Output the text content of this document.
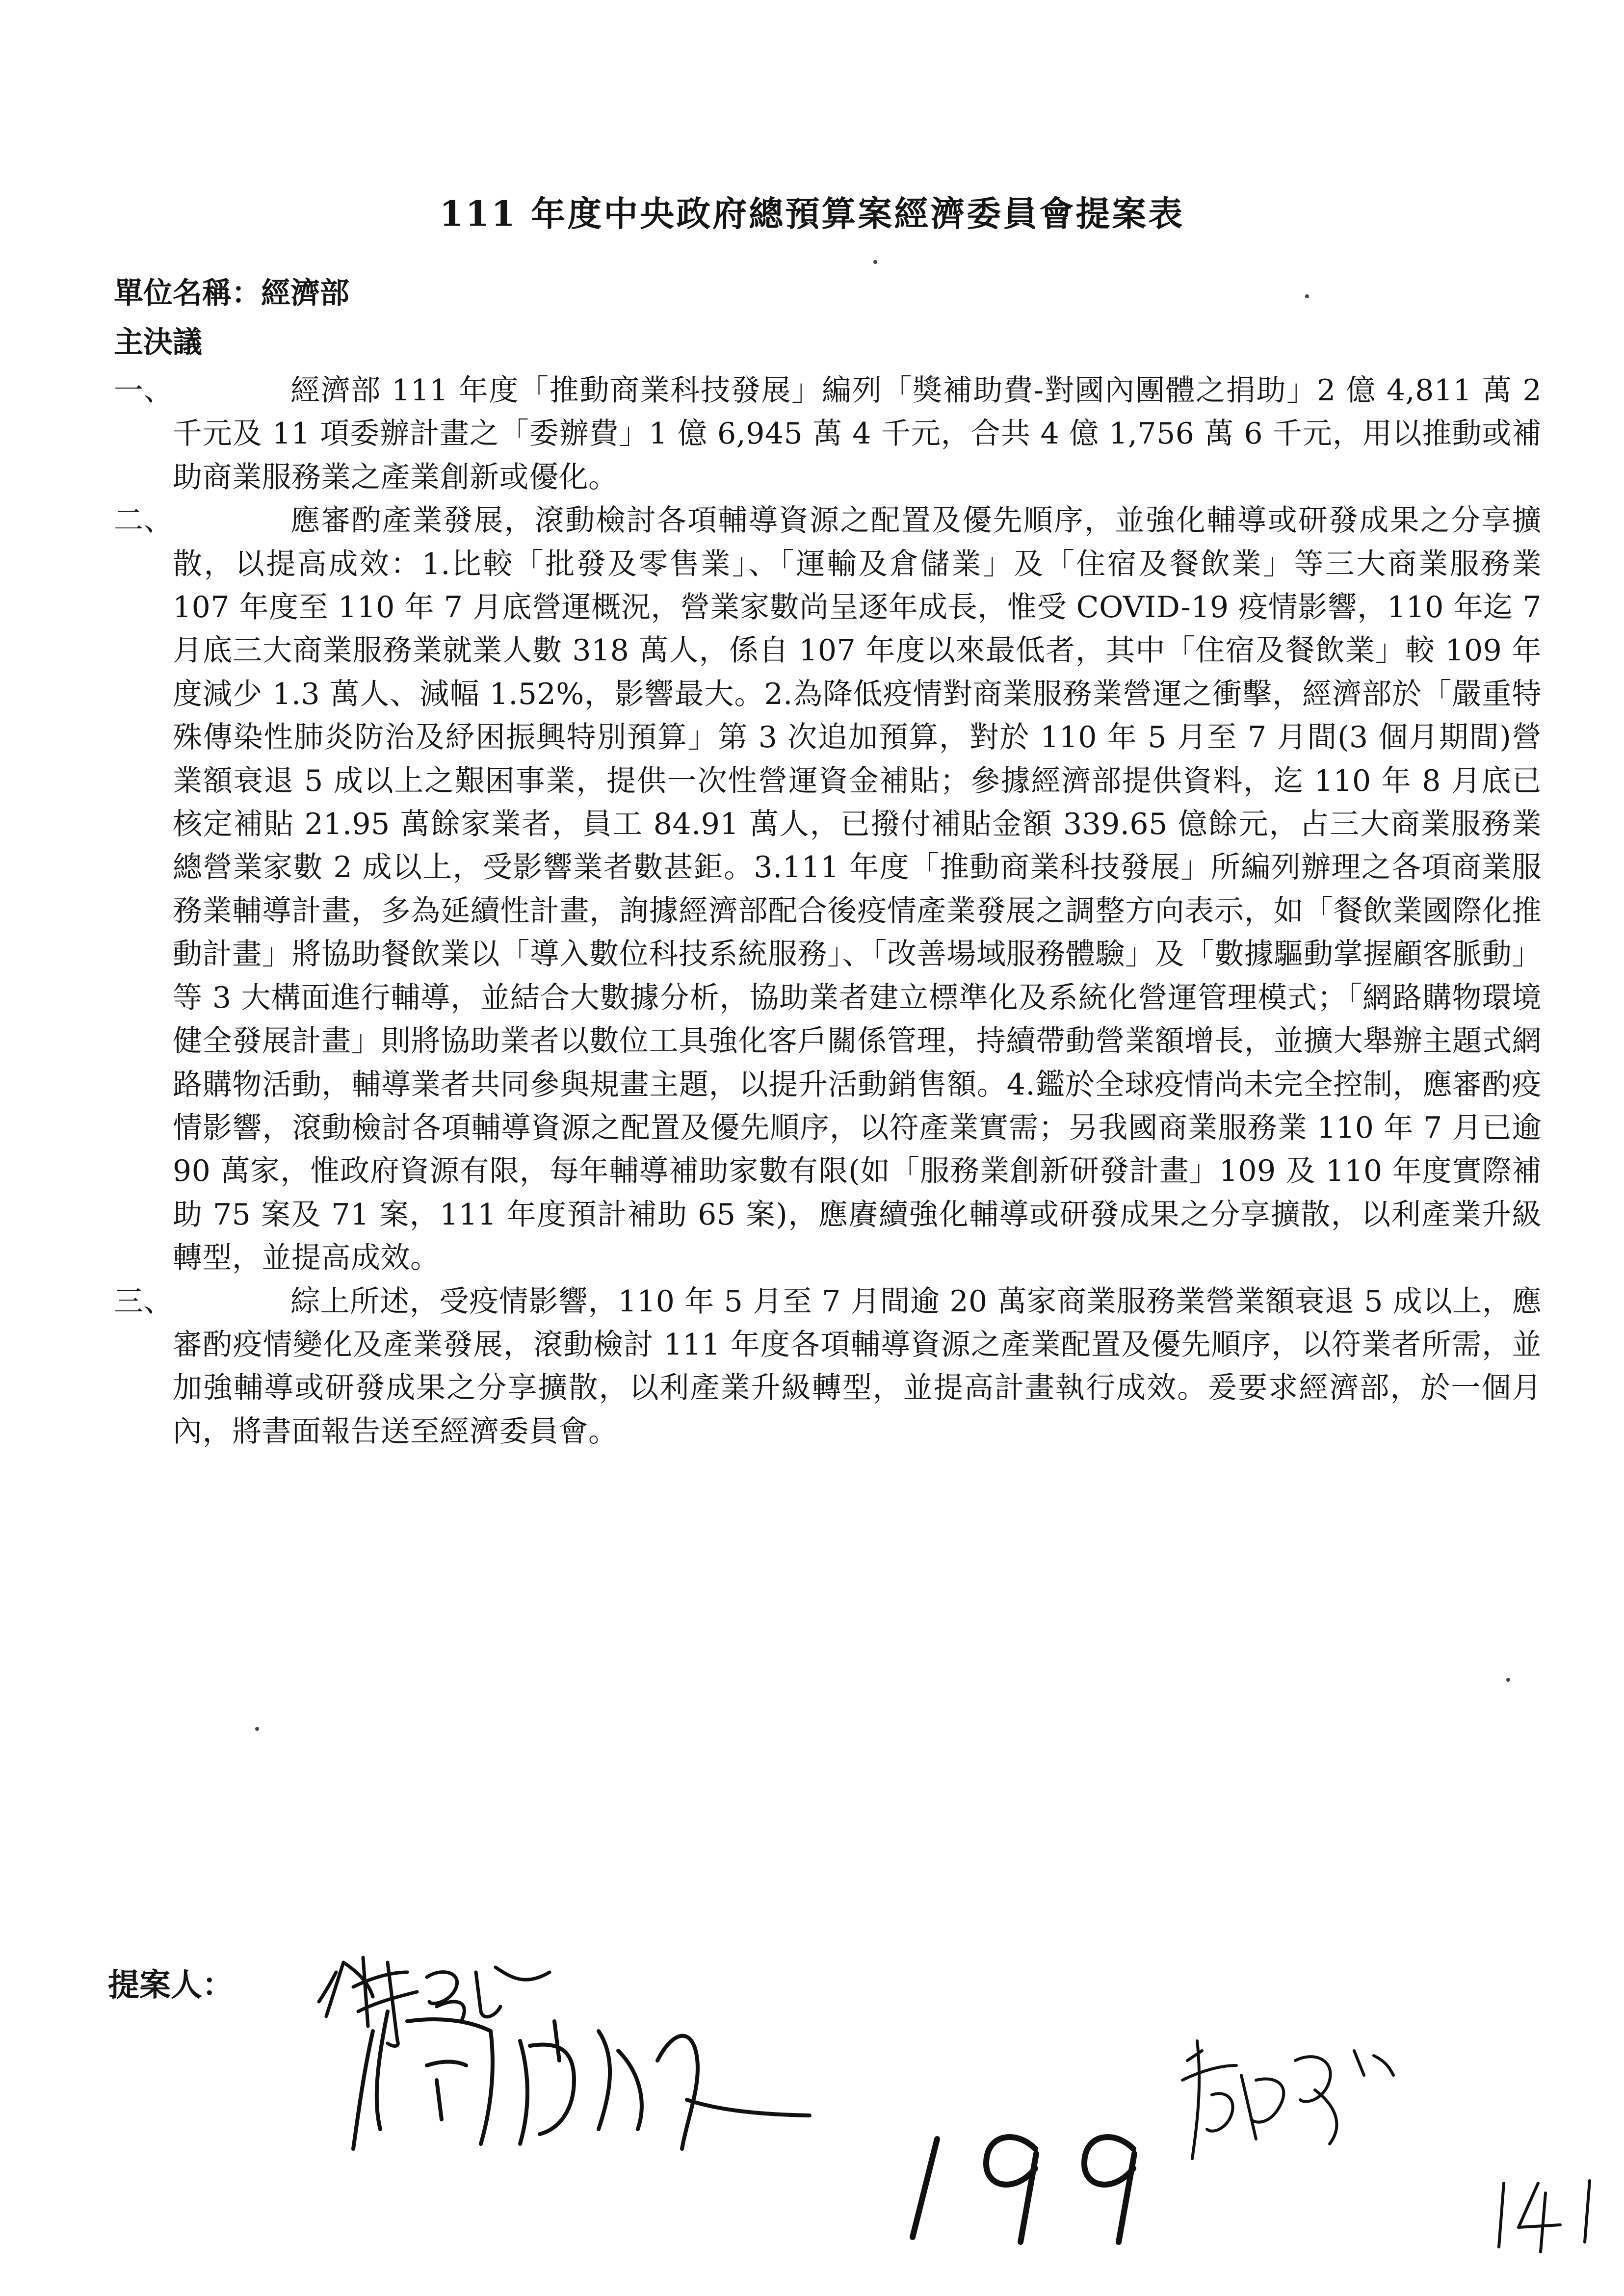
111 年度中央政府總預算案經濟委員會提案表
單位名稱：經濟部
主決議
一、	經濟部 111 年度「推動商業科技發展」編列「獎補助費-對國內團體之捐助」2 億 4,811 萬 2 千元及 11 項委辦計畫之「委辦費」1 億 6,945 萬 4 千元，合共 4 億 1,756 萬 6 千元，用以推動或補助商業服務業之產業創新或優化。
二、	應審酌產業發展，滾動檢討各項輔導資源之配置及優先順序，並強化輔導或研發成果之分享擴散，以提高成效：1.比較「批發及零售業」、「運輸及倉儲業」及「住宿及餐飲業」等三大商業服務業 107 年度至 110 年 7 月底營運概況，營業家數尚呈逐年成長，惟受 COVID-19 疫情影響，110 年迄 7 月底三大商業服務業就業人數 318 萬人，係自 107 年度以來最低者，其中「住宿及餐飲業」較 109 年度減少 1.3 萬人、減幅 1.52%，影響最大。2.為降低疫情對商業服務業營運之衝擊，經濟部於「嚴重特殊傳染性肺炎防治及紓困振興特別預算」第 3 次追加預算，對於 110 年 5 月至 7 月間(3 個月期間)營業額衰退 5 成以上之艱困事業，提供一次性營運資金補貼；參據經濟部提供資料，迄 110 年 8 月底已核定補貼 21.95 萬餘家業者，員工 84.91 萬人，已撥付補貼金額 339.65 億餘元，占三大商業服務業總營業家數 2 成以上，受影響業者數甚鉅。3.111 年度「推動商業科技發展」所編列辦理之各項商業服務業輔導計畫，多為延續性計畫，詢據經濟部配合後疫情產業發展之調整方向表示，如「餐飲業國際化推動計畫」將協助餐飲業以「導入數位科技系統服務」、「改善場域服務體驗」及「數據驅動掌握顧客脈動」等 3 大構面進行輔導，並結合大數據分析，協助業者建立標準化及系統化營運管理模式；「網路購物環境健全發展計畫」則將協助業者以數位工具強化客戶關係管理，持續帶動營業額增長，並擴大舉辦主題式網路購物活動，輔導業者共同參與規畫主題，以提升活動銷售額。4.鑑於全球疫情尚未完全控制，應審酌疫情影響，滾動檢討各項輔導資源之配置及優先順序，以符產業實需；另我國商業服務業 110 年 7 月已逾 90 萬家，惟政府資源有限，每年輔導補助家數有限(如「服務業創新研發計畫」109 及 110 年度實際補助 75 案及 71 案，111 年度預計補助 65 案)，應賡續強化輔導或研發成果之分享擴散，以利產業升級轉型，並提高成效。
三、	綜上所述，受疫情影響，110 年 5 月至 7 月間逾 20 萬家商業服務業營業額衰退 5 成以上，應審酌疫情變化及產業發展，滾動檢討 111 年度各項輔導資源之產業配置及優先順序，以符業者所需，並加強輔導或研發成果之分享擴散，以利產業升級轉型，並提高計畫執行成效。爰要求經濟部，於一個月內，將書面報告送至經濟委員會。
提案人：
